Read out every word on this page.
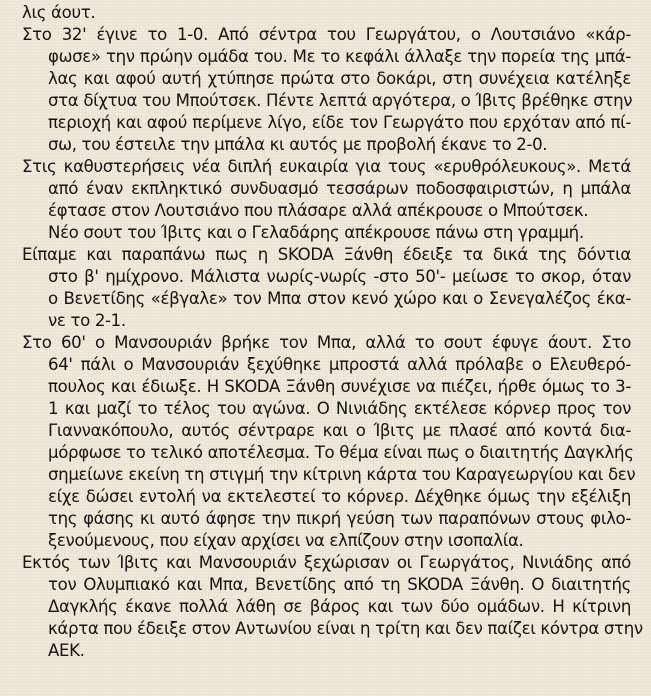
λις άουτ.
Στο 32' έγινε το 1-0. Από σέντρα του Γεωργάτου, ο Λουτσιάνο «κάρ-
φωσε» την πρώην ομάδα του. Με το κεφάλι άλλαξε την πορεία της μπά-
λας και αφού αυτή χτύπησε πρώτα στο δοκάρι, στη συνέχεια κατέληξε
στα δίχτυα του Μπούτσεκ. Πέντε λεπτά αργότερα, ο Ίβιτς βρέθηκε στην
περιοχή και αφού περίμενε λίγο, είδε τον Γεωργάτο που ερχόταν από πί-
σω, του έστειλε την μπάλα κι αυτός με προβολή έκανε το 2-0.
Στις καθυστερήσεις νέα διπλή ευκαιρία για τους «ερυθρόλευκους». Μετά
από έναν εκπληκτικό συνδυασμό τεσσάρων ποδοσφαιριστών, η μπάλα
έφτασε στον Λουτσιάνο που πλάσαρε αλλά απέκρουσε ο Μπούτσεκ.
Νέο σουτ του Ίβιτς και ο Γελαδάρης απέκρουσε πάνω στη γραμμή.
Είπαμε και παραπάνω πως η SKODA Ξάνθη έδειξε τα δικά της δόντια
στο β' ημίχρονο. Μάλιστα νωρίς-νωρίς -στο 50'- μείωσε το σκορ, όταν
ο Βενετίδης «έβγαλε» τον Μπα στον κενό χώρο και ο Σενεγαλέζος έκα-
νε το 2-1.
Στο 60' ο Μανσουριάν βρήκε τον Μπα, αλλά το σουτ έφυγε άουτ. Στο
64' πάλι ο Μανσουριάν ξεχύθηκε μπροστά αλλά πρόλαβε ο Ελευθερό-
πουλος και έδιωξε. Η SKODA Ξάνθη συνέχισε να πιέζει, ήρθε όμως το 3-
1 και μαζί το τέλος του αγώνα. Ο Νινιάδης εκτέλεσε κόρνερ προς τον
Γιαννακόπουλο, αυτός σέντραρε και ο Ίβιτς με πλασέ από κοντά δια-
μόρφωσε το τελικό αποτέλεσμα. Το θέμα είναι πως ο διαιτητής Δαγκλής
σημείωνε εκείνη τη στιγμή την κίτρινη κάρτα του Καραγεωργίου και δεν
είχε δώσει εντολή να εκτελεστεί το κόρνερ. Δέχθηκε όμως την εξέλιξη
της φάσης κι αυτό άφησε την πικρή γεύση των παραπόνων στους φιλο-
ξενούμενους, που είχαν αρχίσει να ελπίζουν στην ισοπαλία.
Εκτός των Ίβιτς και Μανσουριάν ξεχώρισαν οι Γεωργάτος, Νινιάδης από
τον Ολυμπιακό και Μπα, Βενετίδης από τη SKODA Ξάνθη. Ο διαιτητής
Δαγκλής έκανε πολλά λάθη σε βάρος και των δύο ομάδων. Η κίτρινη
κάρτα που έδειξε στον Αντωνίου είναι η τρίτη και δεν παίζει κόντρα στην
ΑΕΚ.
